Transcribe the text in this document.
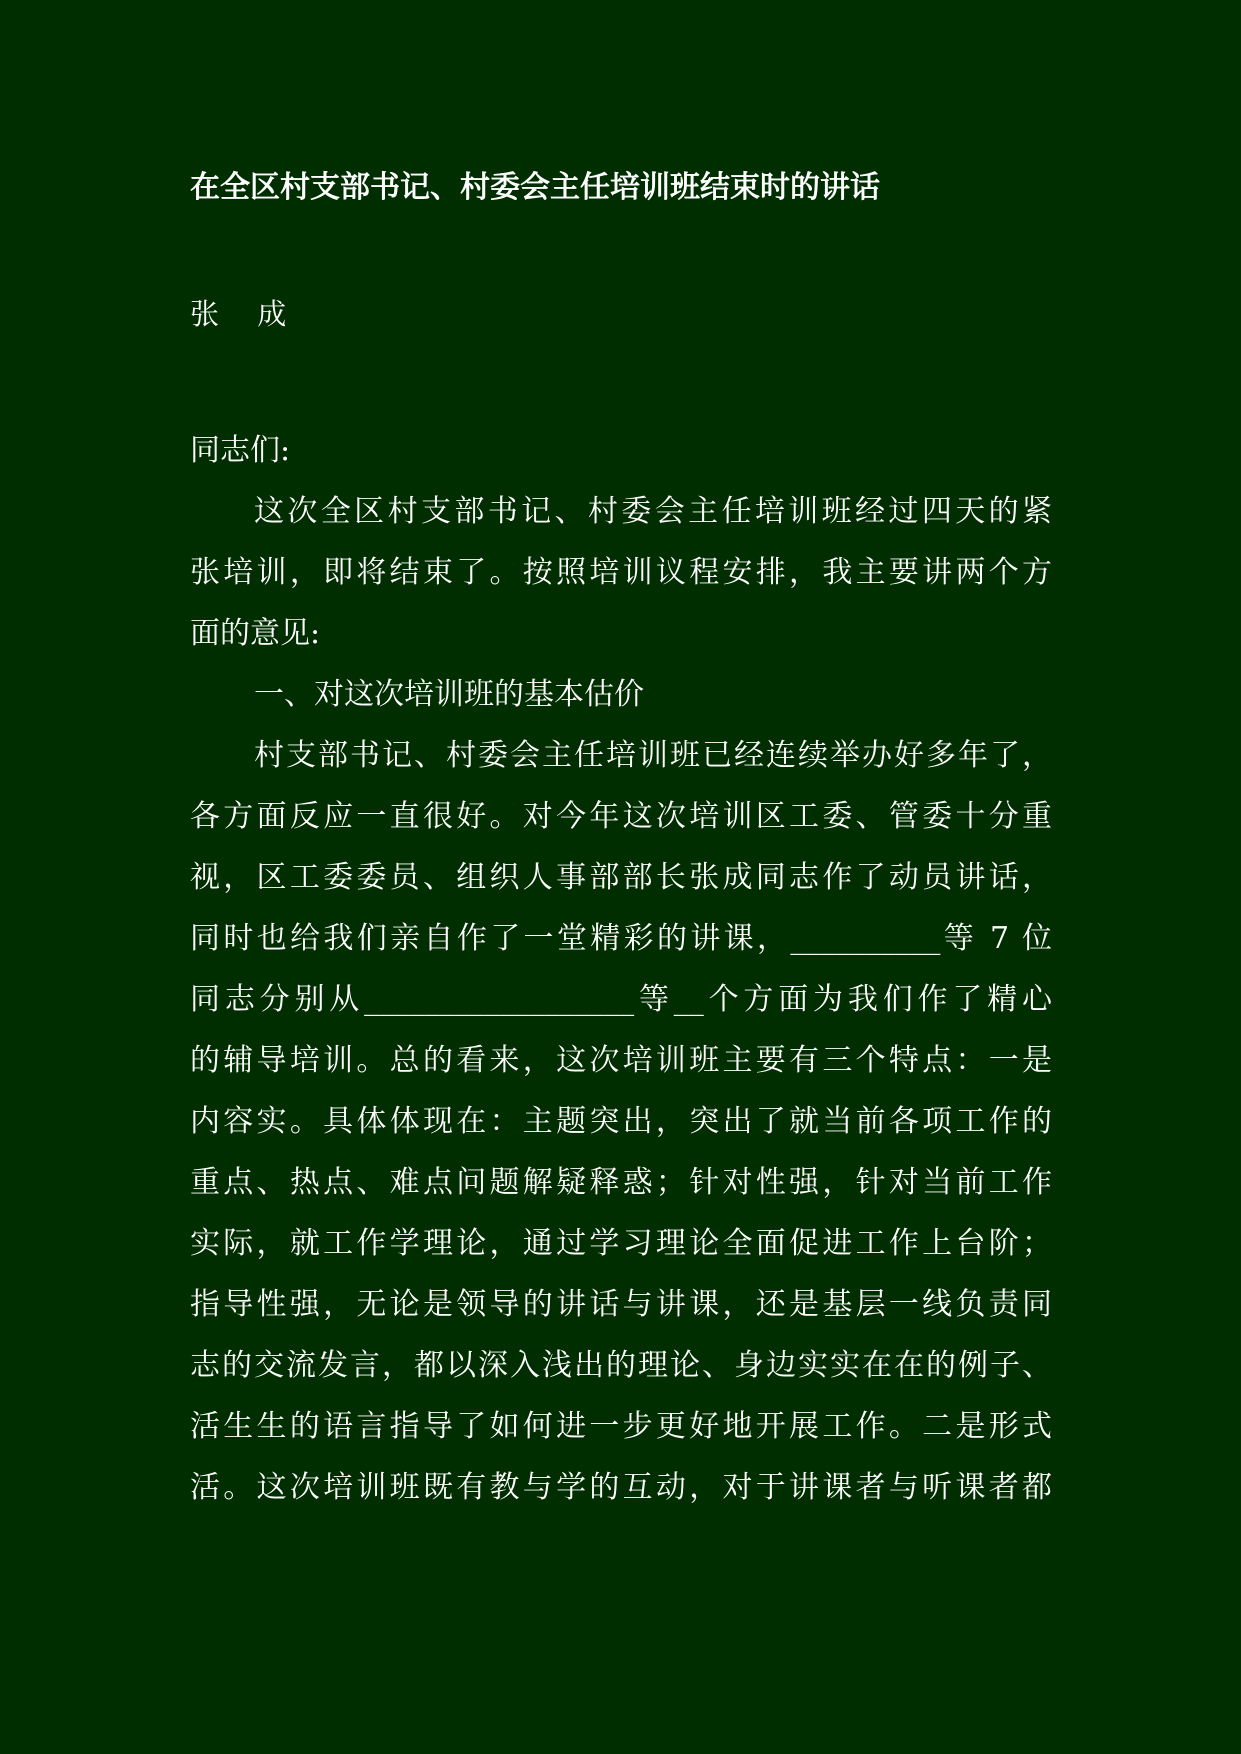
在全区村支部书记、村委会主任培训班结束时的讲话
张　 成
同志们:
这次全区村支部书记、村委会主任培训班经过四天的紧
张培训，即将结束了。按照培训议程安排，我主要讲两个方
面的意见:
一、对这次培训班的基本估价
村支部书记、村委会主任培训班已经连续举办好多年了，
各方面反应一直很好。对今年这次培训区工委、管委十分重
视，区工委委员、组织人事部部长张成同志作了动员讲话，
同时也给我们亲自作了一堂精彩的讲课，__________等 7 位
同志分别从__________________等__个方面为我们作了精心
的辅导培训。总的看来，这次培训班主要有三个特点：一是
内容实。具体体现在：主题突出，突出了就当前各项工作的
重点、热点、难点问题解疑释惑；针对性强，针对当前工作
实际，就工作学理论，通过学习理论全面促进工作上台阶；
指导性强，无论是领导的讲话与讲课，还是基层一线负责同
志的交流发言，都以深入浅出的理论、身边实实在在的例子、
活生生的语言指导了如何进一步更好地开展工作。二是形式
活。这次培训班既有教与学的互动，对于讲课者与听课者都
